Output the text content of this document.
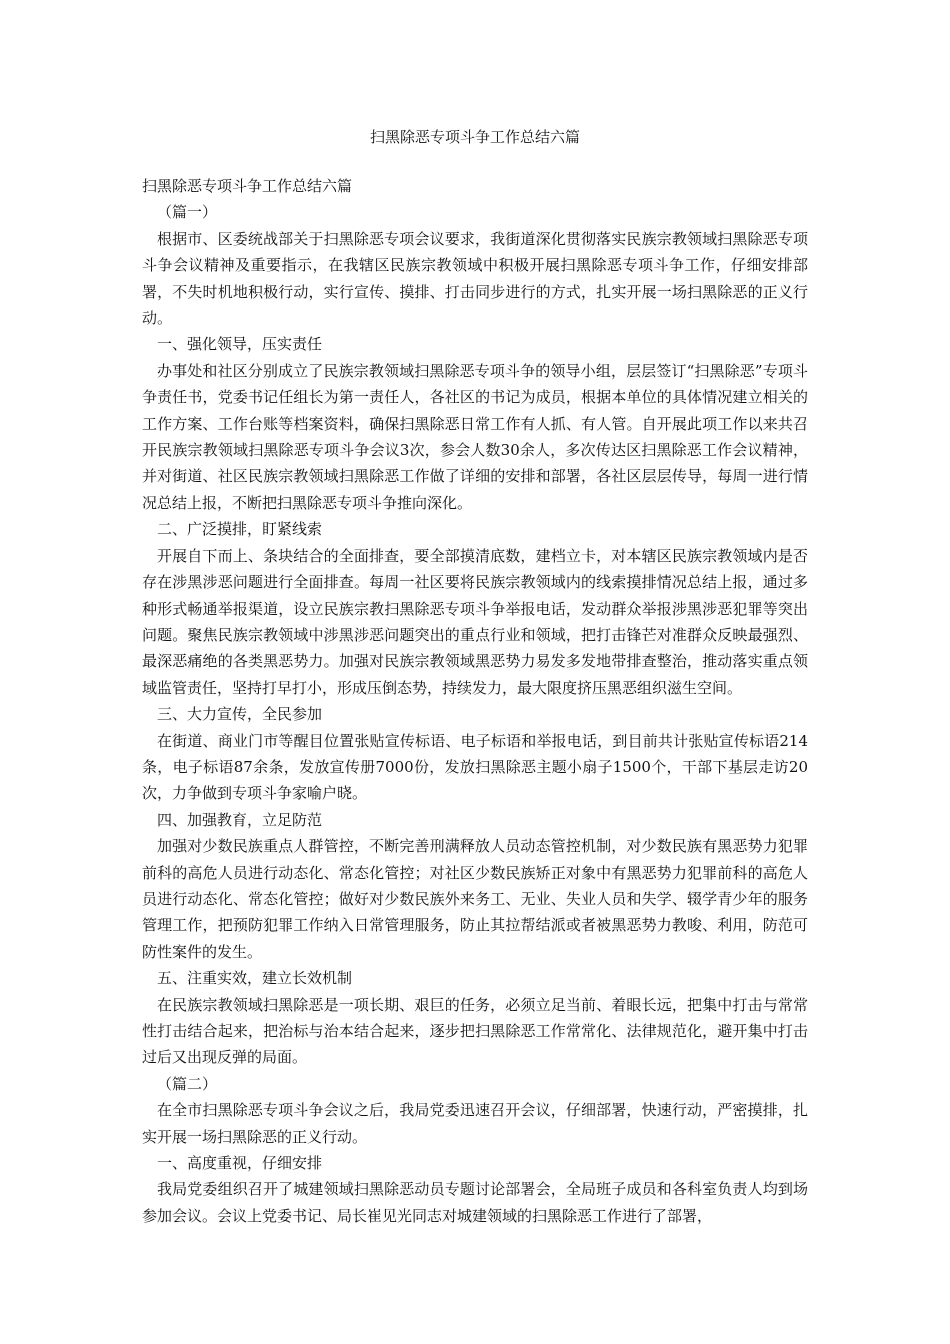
扫黑除恶专项斗争工作总结六篇

扫黑除恶专项斗争工作总结六篇

（篇一）

根据市、区委统战部关于扫黑除恶专项会议要求，我街道深化贯彻落实民族宗教领域扫黑除恶专项斗争会议精神及重要指示，在我辖区民族宗教领域中积极开展扫黑除恶专项斗争工作，仔细安排部署，不失时机地积极行动，实行宣传、摸排、打击同步进行的方式，扎实开展一场扫黑除恶的正义行动。

一、强化领导，压实责任

办事处和社区分别成立了民族宗教领域扫黑除恶专项斗争的领导小组，层层签订“扫黑除恶”专项斗争责任书，党委书记任组长为第一责任人，各社区的书记为成员，根据本单位的具体情况建立相关的工作方案、工作台账等档案资料，确保扫黑除恶日常工作有人抓、有人管。自开展此项工作以来共召开民族宗教领域扫黑除恶专项斗争会议3次，参会人数30余人，多次传达区扫黑除恶工作会议精神，并对街道、社区民族宗教领域扫黑除恶工作做了详细的安排和部署，各社区层层传导，每周一进行情况总结上报，不断把扫黑除恶专项斗争推向深化。

二、广泛摸排，盯紧线索

开展自下而上、条块结合的全面排查，要全部摸清底数，建档立卡，对本辖区民族宗教领域内是否存在涉黑涉恶问题进行全面排查。每周一社区要将民族宗教领域内的线索摸排情况总结上报，通过多种形式畅通举报渠道，设立民族宗教扫黑除恶专项斗争举报电话，发动群众举报涉黑涉恶犯罪等突出问题。聚焦民族宗教领域中涉黑涉恶问题突出的重点行业和领域，把打击锋芒对准群众反映最强烈、最深恶痛绝的各类黑恶势力。加强对民族宗教领域黑恶势力易发多发地带排查整治，推动落实重点领域监管责任，坚持打早打小，形成压倒态势，持续发力，最大限度挤压黑恶组织滋生空间。

三、大力宣传，全民参加

在街道、商业门市等醒目位置张贴宣传标语、电子标语和举报电话，到目前共计张贴宣传标语214条，电子标语87余条，发放宣传册7000份，发放扫黑除恶主题小扇子1500个，干部下基层走访20次，力争做到专项斗争家喻户晓。

四、加强教育，立足防范

加强对少数民族重点人群管控，不断完善刑满释放人员动态管控机制，对少数民族有黑恶势力犯罪前科的高危人员进行动态化、常态化管控；对社区少数民族矫正对象中有黑恶势力犯罪前科的高危人员进行动态化、常态化管控；做好对少数民族外来务工、无业、失业人员和失学、辍学青少年的服务管理工作，把预防犯罪工作纳入日常管理服务，防止其拉帮结派或者被黑恶势力教唆、利用，防范可防性案件的发生。

五、注重实效，建立长效机制

在民族宗教领域扫黑除恶是一项长期、艰巨的任务，必须立足当前、着眼长远，把集中打击与常常性打击结合起来，把治标与治本结合起来，逐步把扫黑除恶工作常常化、法律规范化，避开集中打击过后又出现反弹的局面。

（篇二）

在全市扫黑除恶专项斗争会议之后，我局党委迅速召开会议，仔细部署，快速行动，严密摸排，扎实开展一场扫黑除恶的正义行动。

一、高度重视，仔细安排

我局党委组织召开了城建领域扫黑除恶动员专题讨论部署会，全局班子成员和各科室负责人均到场参加会议。会议上党委书记、局长崔见光同志对城建领域的扫黑除恶工作进行了部署，
